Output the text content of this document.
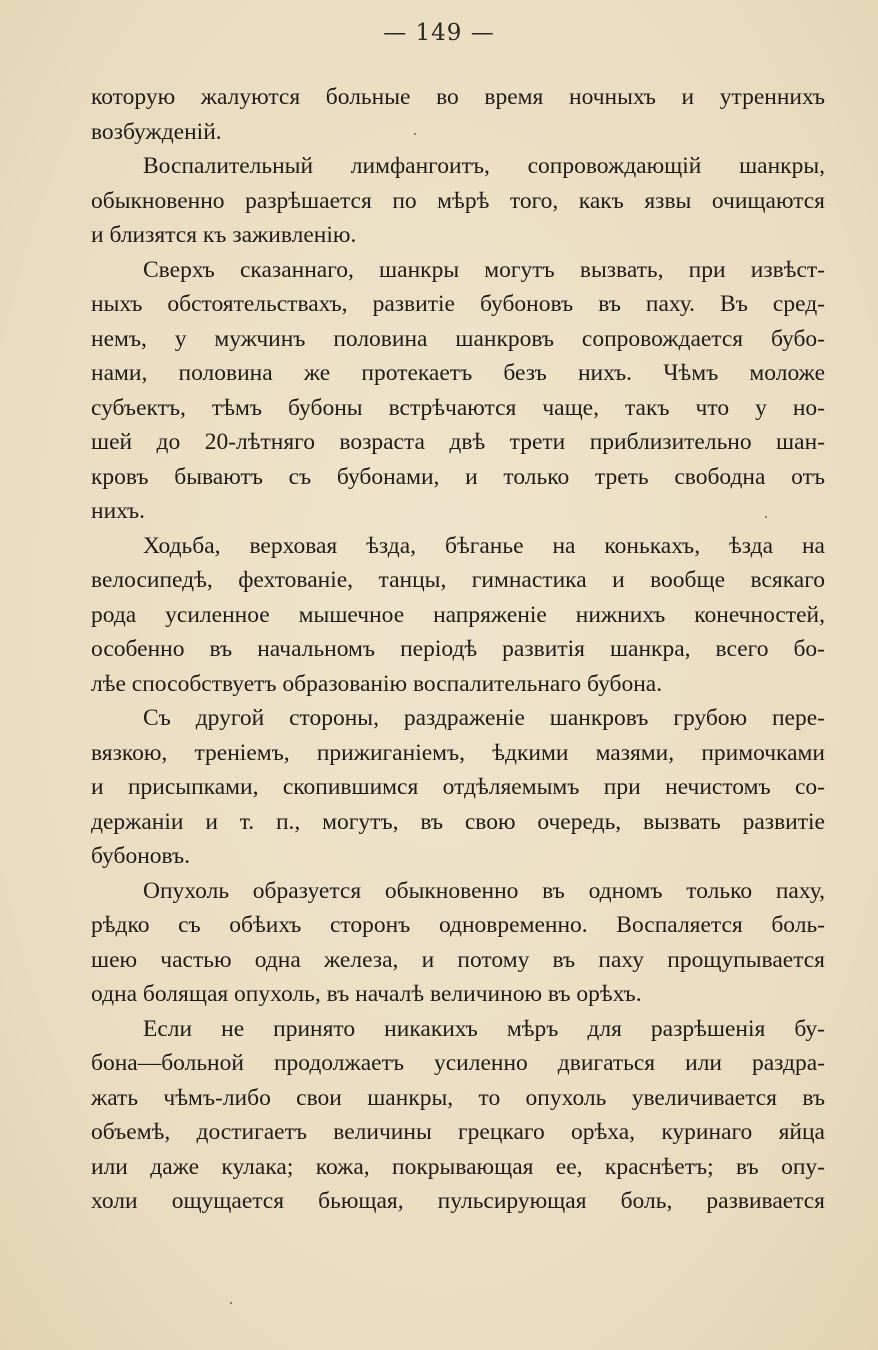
— 149 —
которую жалуются больные во время ночныхъ и утреннихъ
возбужденій.
Воспалительный лимфангоитъ, сопровождающій шанкры,
обыкновенно разрѣшается по мѣрѣ того, какъ язвы очищаются
и близятся къ заживленію.
Сверхъ сказаннаго, шанкры могутъ вызвать, при извѣст-
ныхъ обстоятельствахъ, развитіе бубоновъ въ паху. Въ сред-
немъ, у мужчинъ половина шанкровъ сопровождается бубо-
нами, половина же протекаетъ безъ нихъ. Чѣмъ моложе
субъектъ, тѣмъ бубоны встрѣчаются чаще, такъ что у но-
шей до 20-лѣтняго возраста двѣ трети приблизительно шан-
кровъ бываютъ съ бубонами, и только треть свободна отъ
нихъ.
Ходьба, верховая ѣзда, бѣганье на конькахъ, ѣзда на
велосипедѣ, фехтованіе, танцы, гимнастика и вообще всякаго
рода усиленное мышечное напряженіе нижнихъ конечностей,
особенно въ начальномъ періодѣ развитія шанкра, всего бо-
лѣе способствуетъ образованію воспалительнаго бубона.
Съ другой стороны, раздраженіе шанкровъ грубою пере-
вязкою, треніемъ, прижиганіемъ, ѣдкими мазями, примочками
и присыпками, скопившимся отдѣляемымъ при нечистомъ со-
держаніи и т. п., могутъ, въ свою очередь, вызвать развитіе
бубоновъ.
Опухоль образуется обыкновенно въ одномъ только паху,
рѣдко съ обѣихъ сторонъ одновременно. Воспаляется боль-
шею частью одна железа, и потому въ паху прощупывается
одна болящая опухоль, въ началѣ величиною въ орѣхъ.
Если не принято никакихъ мѣръ для разрѣшенія бу-
бона—больной продолжаетъ усиленно двигаться или раздра-
жать чѣмъ-либо свои шанкры, то опухоль увеличивается въ
объемѣ, достигаетъ величины грецкаго орѣха, куринаго яйца
или даже кулака; кожа, покрывающая ее, краснѣетъ; въ опу-
холи ощущается бьющая, пульсирующая боль, развивается
